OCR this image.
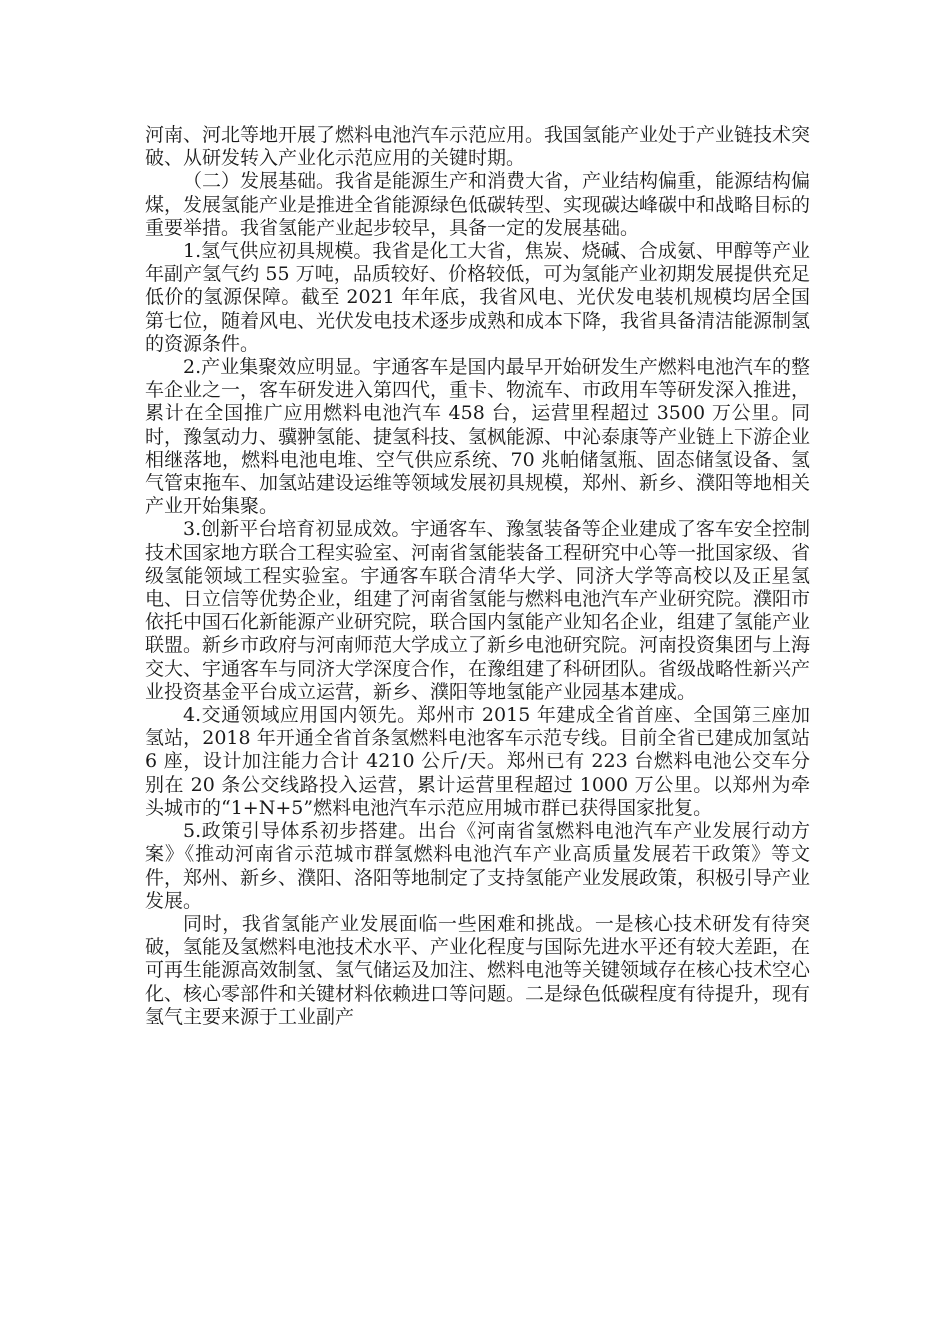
河南、河北等地开展了燃料电池汽车示范应用。我国氢能产业处于产业链技术突破、从研发转入产业化示范应用的关键时期。

（二）发展基础。我省是能源生产和消费大省，产业结构偏重，能源结构偏煤，发展氢能产业是推进全省能源绿色低碳转型、实现碳达峰碳中和战略目标的重要举措。我省氢能产业起步较早，具备一定的发展基础。

1.氢气供应初具规模。我省是化工大省，焦炭、烧碱、合成氨、甲醇等产业年副产氢气约 55 万吨，品质较好、价格较低，可为氢能产业初期发展提供充足低价的氢源保障。截至 2021 年年底，我省风电、光伏发电装机规模均居全国第七位，随着风电、光伏发电技术逐步成熟和成本下降，我省具备清洁能源制氢的资源条件。

2.产业集聚效应明显。宇通客车是国内最早开始研发生产燃料电池汽车的整车企业之一，客车研发进入第四代，重卡、物流车、市政用车等研发深入推进，累计在全国推广应用燃料电池汽车 458 台，运营里程超过 3500 万公里。同时，豫氢动力、骥翀氢能、捷氢科技、氢枫能源、中沁泰康等产业链上下游企业相继落地，燃料电池电堆、空气供应系统、70 兆帕储氢瓶、固态储氢设备、氢气管束拖车、加氢站建设运维等领域发展初具规模，郑州、新乡、濮阳等地相关产业开始集聚。

3.创新平台培育初显成效。宇通客车、豫氢装备等企业建成了客车安全控制技术国家地方联合工程实验室、河南省氢能装备工程研究中心等一批国家级、省级氢能领域工程实验室。宇通客车联合清华大学、同济大学等高校以及正星氢电、日立信等优势企业，组建了河南省氢能与燃料电池汽车产业研究院。濮阳市依托中国石化新能源产业研究院，联合国内氢能产业知名企业，组建了氢能产业联盟。新乡市政府与河南师范大学成立了新乡电池研究院。河南投资集团与上海交大、宇通客车与同济大学深度合作，在豫组建了科研团队。省级战略性新兴产业投资基金平台成立运营，新乡、濮阳等地氢能产业园基本建成。

4.交通领域应用国内领先。郑州市 2015 年建成全省首座、全国第三座加氢站，2018 年开通全省首条氢燃料电池客车示范专线。目前全省已建成加氢站 6 座，设计加注能力合计 4210 公斤/天。郑州已有 223 台燃料电池公交车分别在 20 条公交线路投入运营，累计运营里程超过 1000 万公里。以郑州为牵头城市的“1+N+5”燃料电池汽车示范应用城市群已获得国家批复。

5.政策引导体系初步搭建。出台《河南省氢燃料电池汽车产业发展行动方案》《推动河南省示范城市群氢燃料电池汽车产业高质量发展若干政策》等文件，郑州、新乡、濮阳、洛阳等地制定了支持氢能产业发展政策，积极引导产业发展。

同时，我省氢能产业发展面临一些困难和挑战。一是核心技术研发有待突破，氢能及氢燃料电池技术水平、产业化程度与国际先进水平还有较大差距，在可再生能源高效制氢、氢气储运及加注、燃料电池等关键领域存在核心技术空心化、核心零部件和关键材料依赖进口等问题。二是绿色低碳程度有待提升，现有氢气主要来源于工业副产
